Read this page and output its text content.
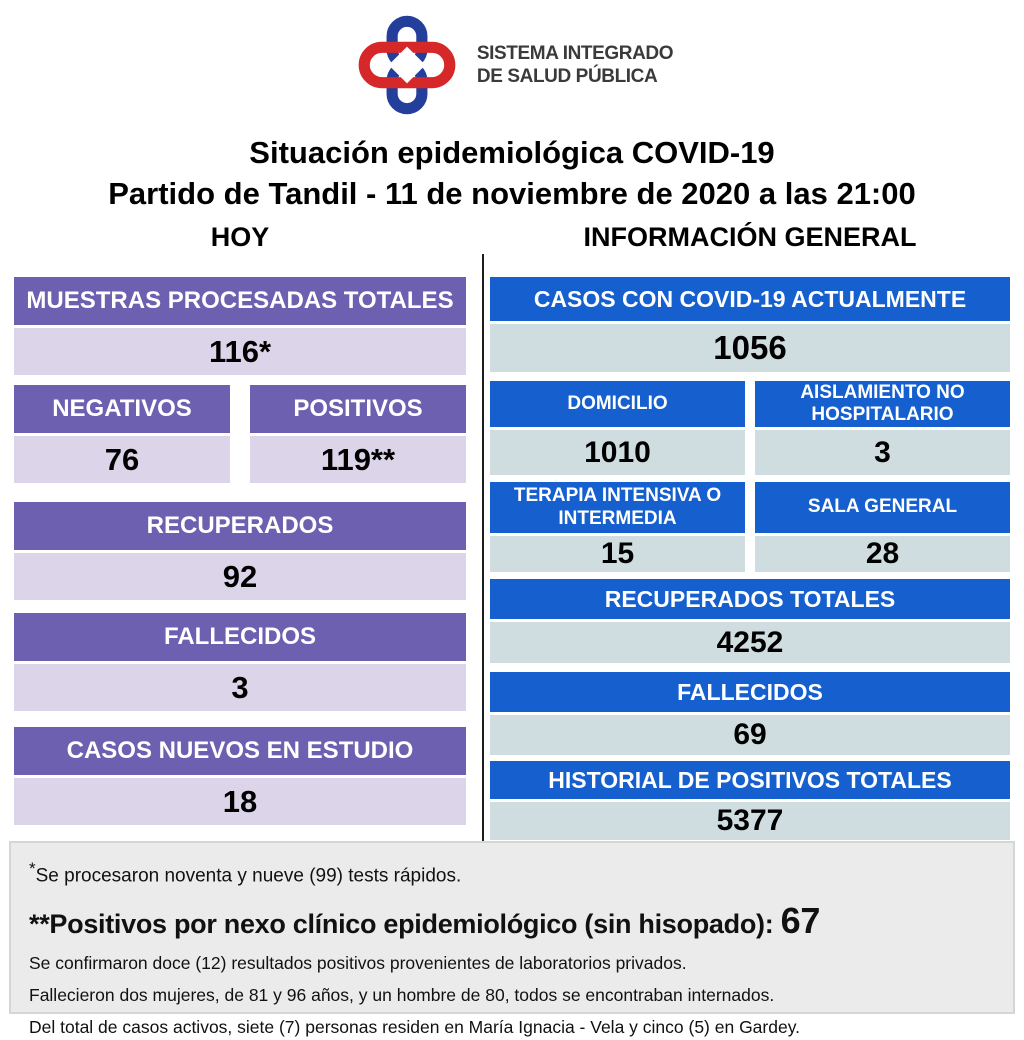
SISTEMA INTEGRADO
DE SALUD PÚBLICA
Situación epidemiológica COVID-19
Partido de Tandil - 11 de noviembre de 2020 a las 21:00
HOY	INFORMACIÓN GENERAL
MUESTRAS PROCESADAS TOTALES
116*
NEGATIVOS
76
POSITIVOS
119**
RECUPERADOS
92
FALLECIDOS
3
CASOS NUEVOS EN ESTUDIO
18
CASOS CON COVID-19 ACTUALMENTE
1056
DOMICILIO
1010
AISLAMIENTO NO HOSPITALARIO
3
TERAPIA INTENSIVA O INTERMEDIA
15
SALA GENERAL
28
RECUPERADOS TOTALES
4252
FALLECIDOS
69
HISTORIAL DE POSITIVOS TOTALES
5377
*Se procesaron noventa y nueve (99) tests rápidos.
**Positivos por nexo clínico epidemiológico (sin hisopado): 67
Se confirmaron doce (12) resultados positivos provenientes de laboratorios privados.
Fallecieron dos mujeres, de 81 y 96 años, y un hombre de 80, todos se encontraban internados.
Del total de casos activos, siete (7) personas residen en María Ignacia - Vela y cinco (5) en Gardey.
